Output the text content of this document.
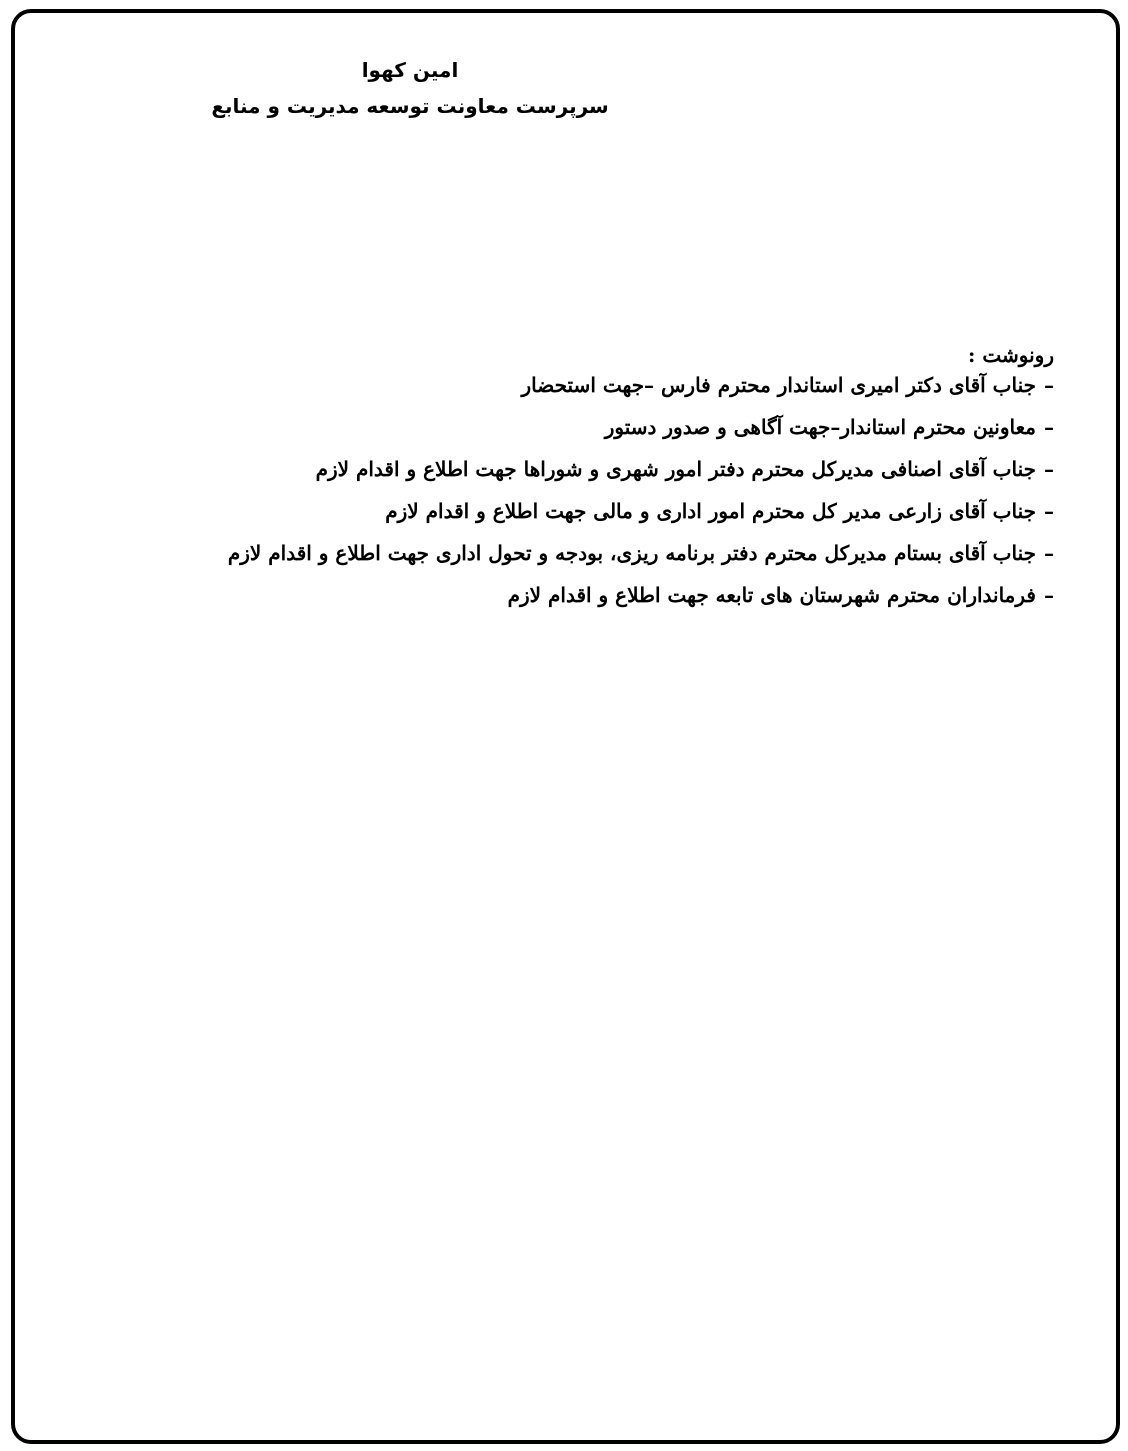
امین کهوا

سرپرست معاونت توسعه مدیریت و منابع

رونوشت :

–
جناب آقای دکتر امیری استاندار محترم فارس –جهت استحضار
–
معاونین محترم استاندار–جهت آگاهی و صدور دستور
–
جناب آقای اصنافی مدیرکل محترم دفتر امور شهری و شوراها جهت اطلاع و اقدام لازم
–
جناب آقای زارعی مدیر کل محترم امور اداری و مالی جهت اطلاع و اقدام لازم
–
جناب آقای بستام مدیرکل محترم دفتر برنامه ریزی، بودجه و تحول اداری جهت اطلاع و اقدام لازم
–
فرمانداران محترم شهرستان های تابعه جهت اطلاع و اقدام لازم
